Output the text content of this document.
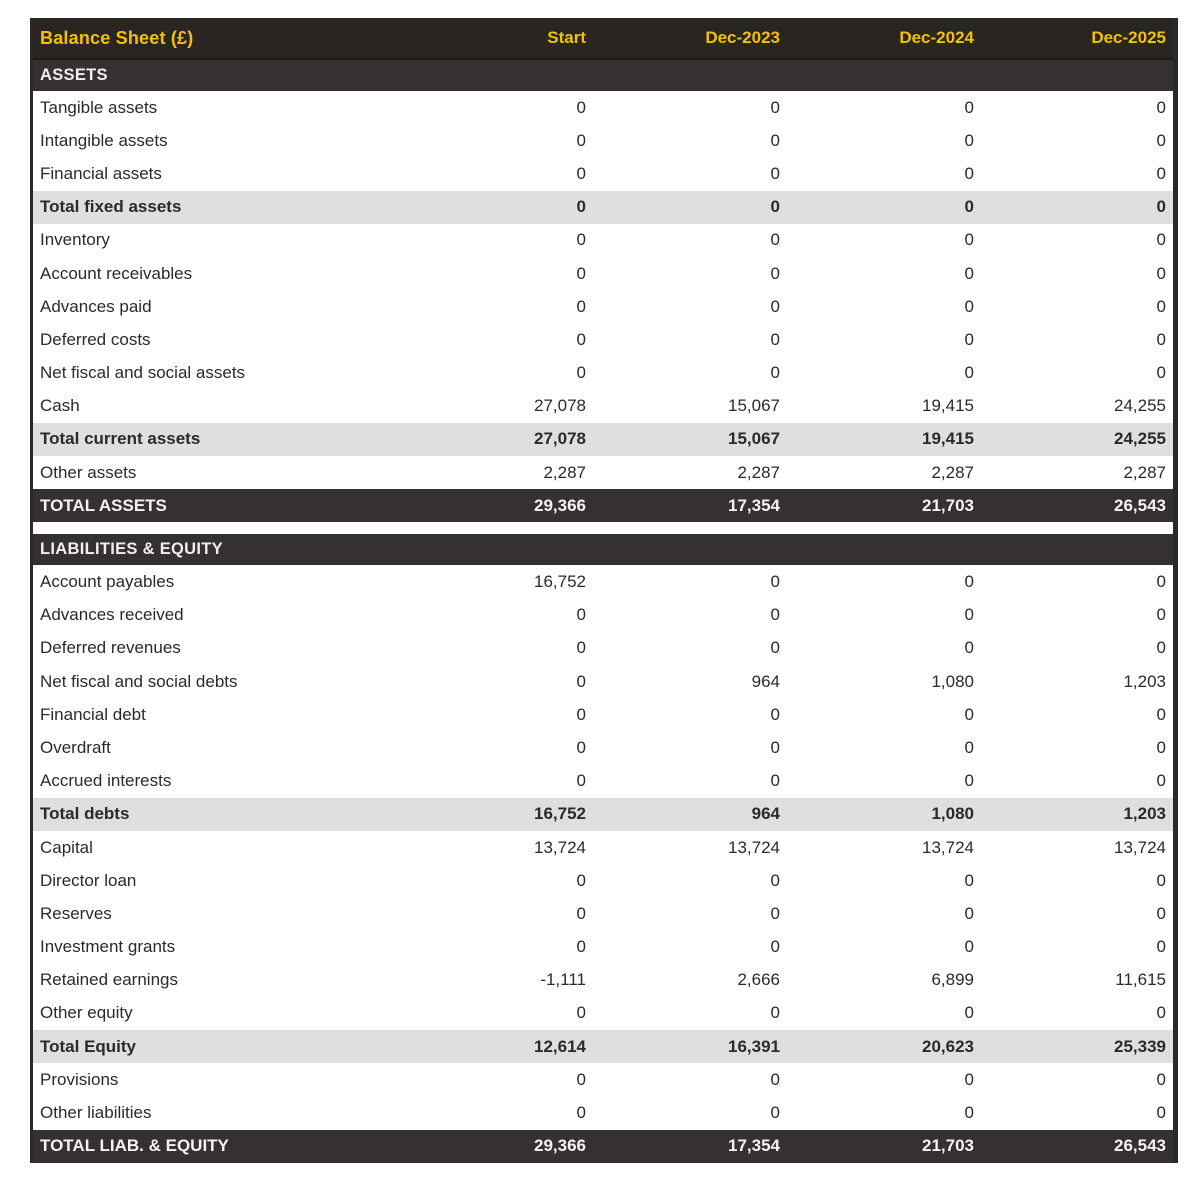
Balance Sheet (£)	Start	Dec-2023	Dec-2024	Dec-2025
ASSETS
Tangible assets	0	0	0	0
Intangible assets	0	0	0	0
Financial assets	0	0	0	0
Total fixed assets	0	0	0	0
Inventory	0	0	0	0
Account receivables	0	0	0	0
Advances paid	0	0	0	0
Deferred costs	0	0	0	0
Net fiscal and social assets	0	0	0	0
Cash	27,078	15,067	19,415	24,255
Total current assets	27,078	15,067	19,415	24,255
Other assets	2,287	2,287	2,287	2,287
TOTAL ASSETS	29,366	17,354	21,703	26,543
LIABILITIES & EQUITY
Account payables	16,752	0	0	0
Advances received	0	0	0	0
Deferred revenues	0	0	0	0
Net fiscal and social debts	0	964	1,080	1,203
Financial debt	0	0	0	0
Overdraft	0	0	0	0
Accrued interests	0	0	0	0
Total debts	16,752	964	1,080	1,203
Capital	13,724	13,724	13,724	13,724
Director loan	0	0	0	0
Reserves	0	0	0	0
Investment grants	0	0	0	0
Retained earnings	-1,111	2,666	6,899	11,615
Other equity	0	0	0	0
Total Equity	12,614	16,391	20,623	25,339
Provisions	0	0	0	0
Other liabilities	0	0	0	0
TOTAL LIAB. & EQUITY	29,366	17,354	21,703	26,543
